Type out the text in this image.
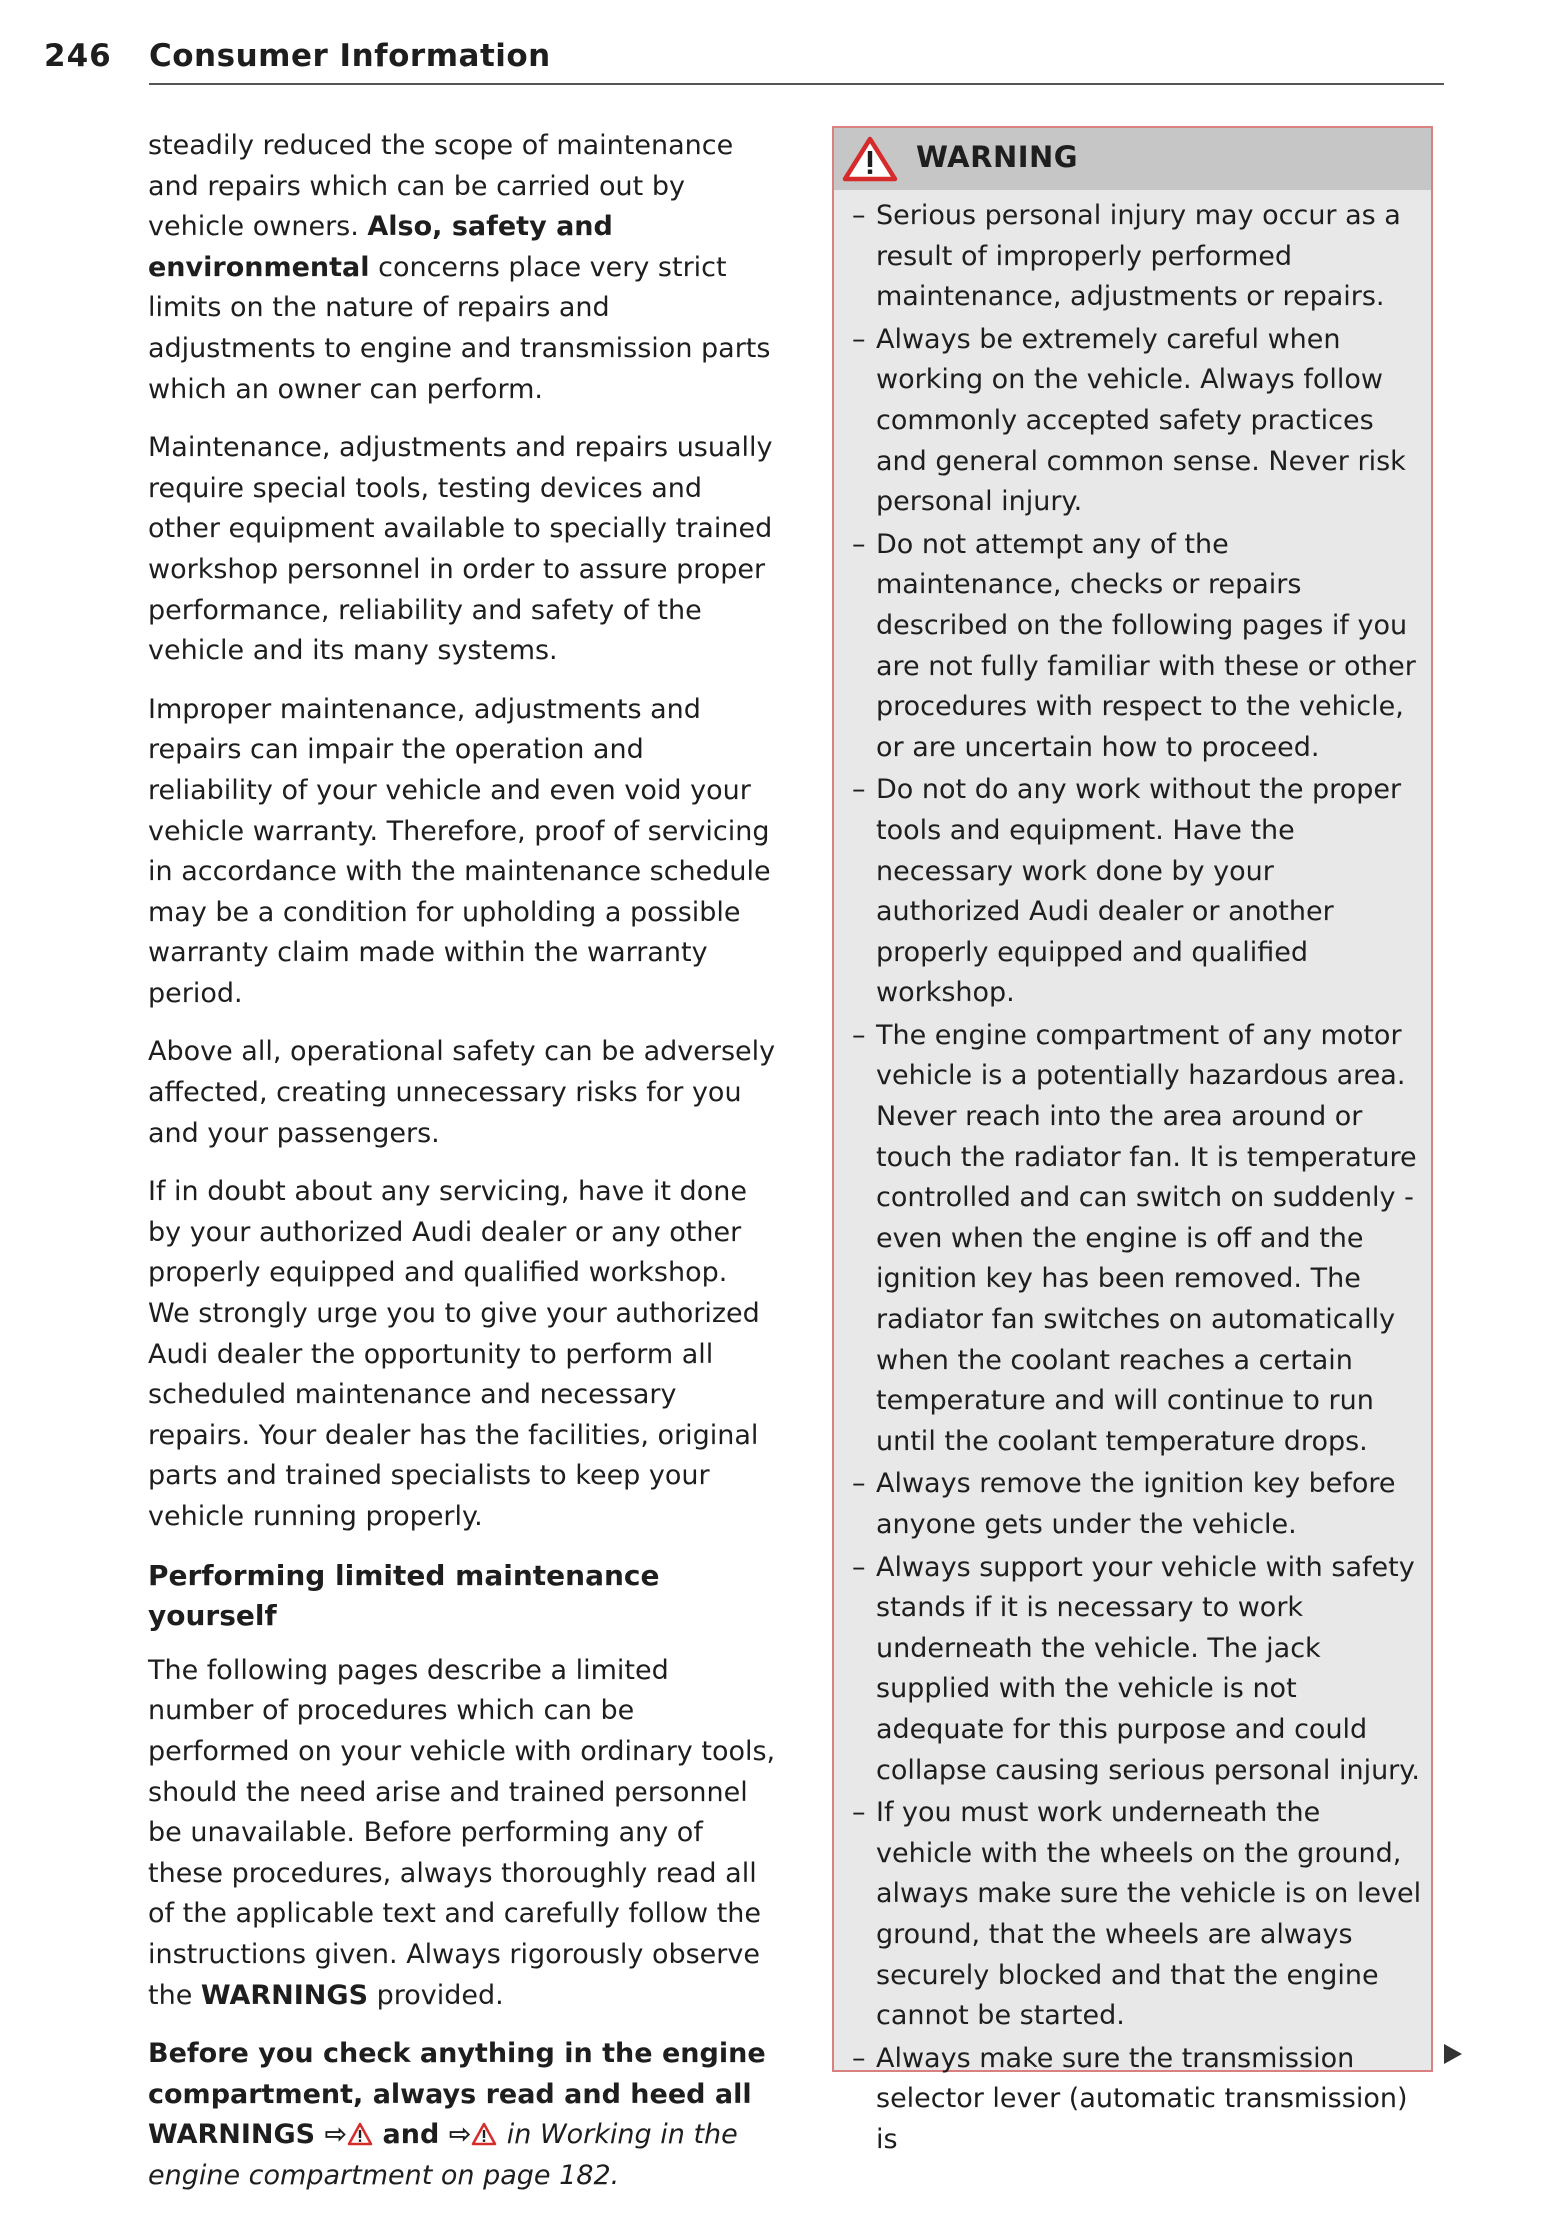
246 Consumer Information

steadily reduced the scope of maintenance and repairs which can be carried out by vehicle owners. Also, safety and environmental concerns place very strict limits on the nature of repairs and adjustments to engine and transmission parts which an owner can perform.

Maintenance, adjustments and repairs usually require special tools, testing devices and other equipment available to specially trained workshop personnel in order to assure proper performance, reliability and safety of the vehicle and its many systems.

Improper maintenance, adjustments and repairs can impair the operation and reliability of your vehicle and even void your vehicle warranty. Therefore, proof of servicing in accordance with the maintenance schedule may be a condition for upholding a possible warranty claim made within the warranty period.

Above all, operational safety can be adversely affected, creating unnecessary risks for you and your passengers.

If in doubt about any servicing, have it done by your authorized Audi dealer or any other properly equipped and qualified workshop. We strongly urge you to give your authorized Audi dealer the opportunity to perform all scheduled maintenance and necessary repairs. Your dealer has the facilities, original parts and trained specialists to keep your vehicle running properly.

Performing limited maintenance yourself

The following pages describe a limited number of procedures which can be performed on your vehicle with ordinary tools, should the need arise and trained personnel be unavailable. Before performing any of these procedures, always thoroughly read all of the applicable text and carefully follow the instructions given. Always rigorously observe the WARNINGS provided.

Before you check anything in the engine compartment, always read and heed all WARNINGS ⇨ and ⇨ in Working in the engine compartment on page 182.

WARNING
– Serious personal injury may occur as a result of improperly performed maintenance, adjustments or repairs.
– Always be extremely careful when working on the vehicle. Always follow commonly accepted safety practices and general common sense. Never risk personal injury.
– Do not attempt any of the maintenance, checks or repairs described on the following pages if you are not fully familiar with these or other procedures with respect to the vehicle, or are uncertain how to proceed.
– Do not do any work without the proper tools and equipment. Have the necessary work done by your authorized Audi dealer or another properly equipped and qualified workshop.
– The engine compartment of any motor vehicle is a potentially hazardous area. Never reach into the area around or touch the radiator fan. It is temperature controlled and can switch on suddenly - even when the engine is off and the ignition key has been removed. The radiator fan switches on automatically when the coolant reaches a certain temperature and will continue to run until the coolant temperature drops.
– Always remove the ignition key before anyone gets under the vehicle.
– Always support your vehicle with safety stands if it is necessary to work underneath the vehicle. The jack supplied with the vehicle is not adequate for this purpose and could collapse causing serious personal injury.
– If you must work underneath the vehicle with the wheels on the ground, always make sure the vehicle is on level ground, that the wheels are always securely blocked and that the engine cannot be started.
– Always make sure the transmission selector lever (automatic transmission) is
